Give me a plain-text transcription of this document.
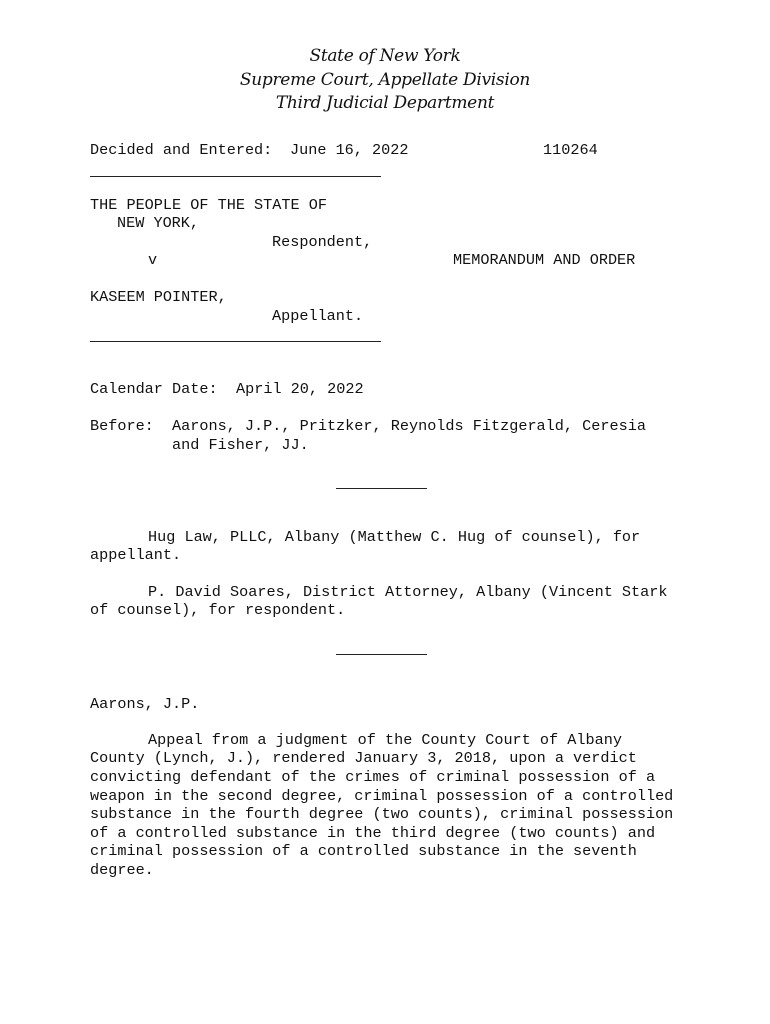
State of New York
Supreme Court, Appellate Division
Third Judicial Department
Decided and Entered: June 16, 2022	110264
THE PEOPLE OF THE STATE OF
NEW YORK,
Respondent,
v	MEMORANDUM AND ORDER
KASEEM POINTER,
Appellant.
Calendar Date: April 20, 2022
Before: Aarons, J.P., Pritzker, Reynolds Fitzgerald, Ceresia
and Fisher, JJ.
Hug Law, PLLC, Albany (Matthew C. Hug of counsel), for
appellant.
P. David Soares, District Attorney, Albany (Vincent Stark
of counsel), for respondent.
Aarons, J.P.
Appeal from a judgment of the County Court of Albany
County (Lynch, J.), rendered January 3, 2018, upon a verdict
convicting defendant of the crimes of criminal possession of a
weapon in the second degree, criminal possession of a controlled
substance in the fourth degree (two counts), criminal possession
of a controlled substance in the third degree (two counts) and
criminal possession of a controlled substance in the seventh
degree.
